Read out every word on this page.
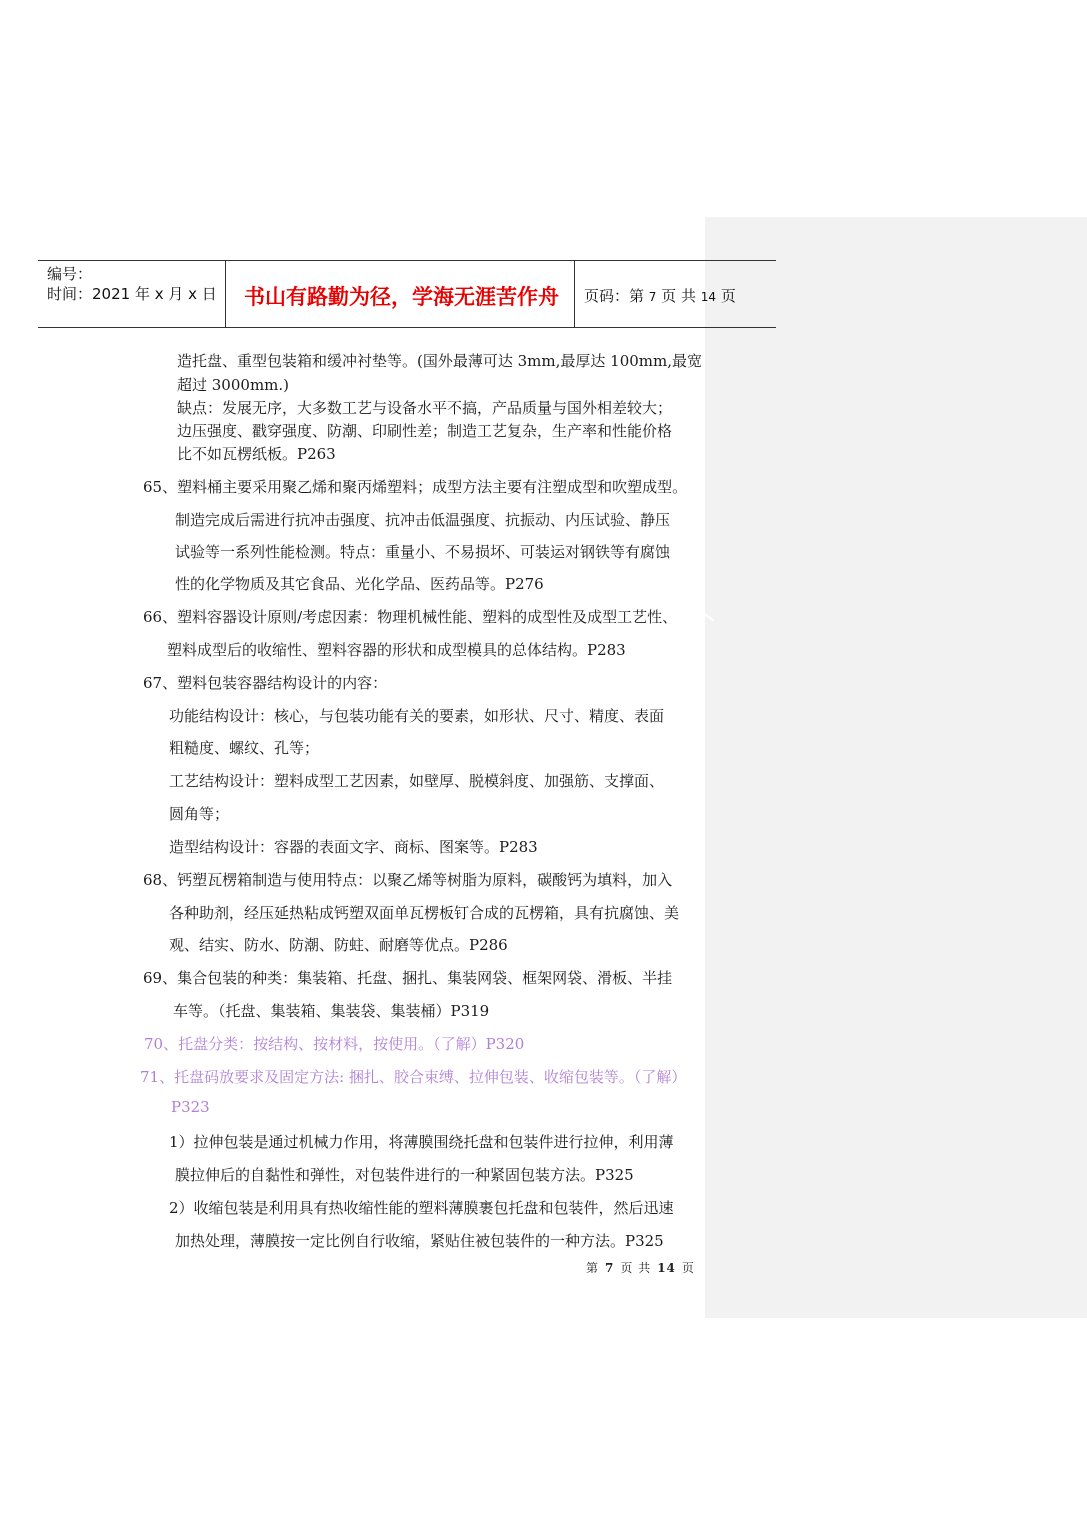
编号：
时间：2021 年 x 月 x 日 书山有路勤为径，学海无涯苦作舟 页码：第 7 页 共 14 页
造托盘、重型包装箱和缓冲衬垫等。(国外最薄可达 3mm,最厚达 100mm,最宽
超过 3000mm.)
缺点：发展无序，大多数工艺与设备水平不搞，产品质量与国外相差较大；
边压强度、戳穿强度、防潮、印刷性差；制造工艺复杂，生产率和性能价格
比不如瓦楞纸板。P263
65、塑料桶主要采用聚乙烯和聚丙烯塑料；成型方法主要有注塑成型和吹塑成型。
制造完成后需进行抗冲击强度、抗冲击低温强度、抗振动、内压试验、静压
试验等一系列性能检测。特点：重量小、不易损坏、可装运对钢铁等有腐蚀
性的化学物质及其它食品、光化学品、医药品等。P276
66、塑料容器设计原则/考虑因素：物理机械性能、塑料的成型性及成型工艺性、
塑料成型后的收缩性、塑料容器的形状和成型模具的总体结构。P283
67、塑料包装容器结构设计的内容：
功能结构设计：核心，与包装功能有关的要素，如形状、尺寸、精度、表面
粗糙度、螺纹、孔等；
工艺结构设计：塑料成型工艺因素，如壁厚、脱模斜度、加强筋、支撑面、
圆角等；
造型结构设计：容器的表面文字、商标、图案等。P283
68、钙塑瓦楞箱制造与使用特点：以聚乙烯等树脂为原料，碳酸钙为填料，加入
各种助剂，经压延热粘成钙塑双面单瓦楞板钉合成的瓦楞箱，具有抗腐蚀、美
观、结实、防水、防潮、防蛀、耐磨等优点。P286
69、集合包装的种类：集装箱、托盘、捆扎、集装网袋、框架网袋、滑板、半挂
车等。（托盘、集装箱、集装袋、集装桶）P319
70、托盘分类：按结构、按材料，按使用。（了解）P320
71、托盘码放要求及固定方法: 捆扎、胶合束缚、拉伸包装、收缩包装等。（了解）
P323
1）拉伸包装是通过机械力作用，将薄膜围绕托盘和包装件进行拉伸，利用薄
膜拉伸后的自黏性和弹性，对包装件进行的一种紧固包装方法。P325
2）收缩包装是利用具有热收缩性能的塑料薄膜裹包托盘和包装件，然后迅速
加热处理，薄膜按一定比例自行收缩，紧贴住被包装件的一种方法。P325
第 7 页 共 14 页
